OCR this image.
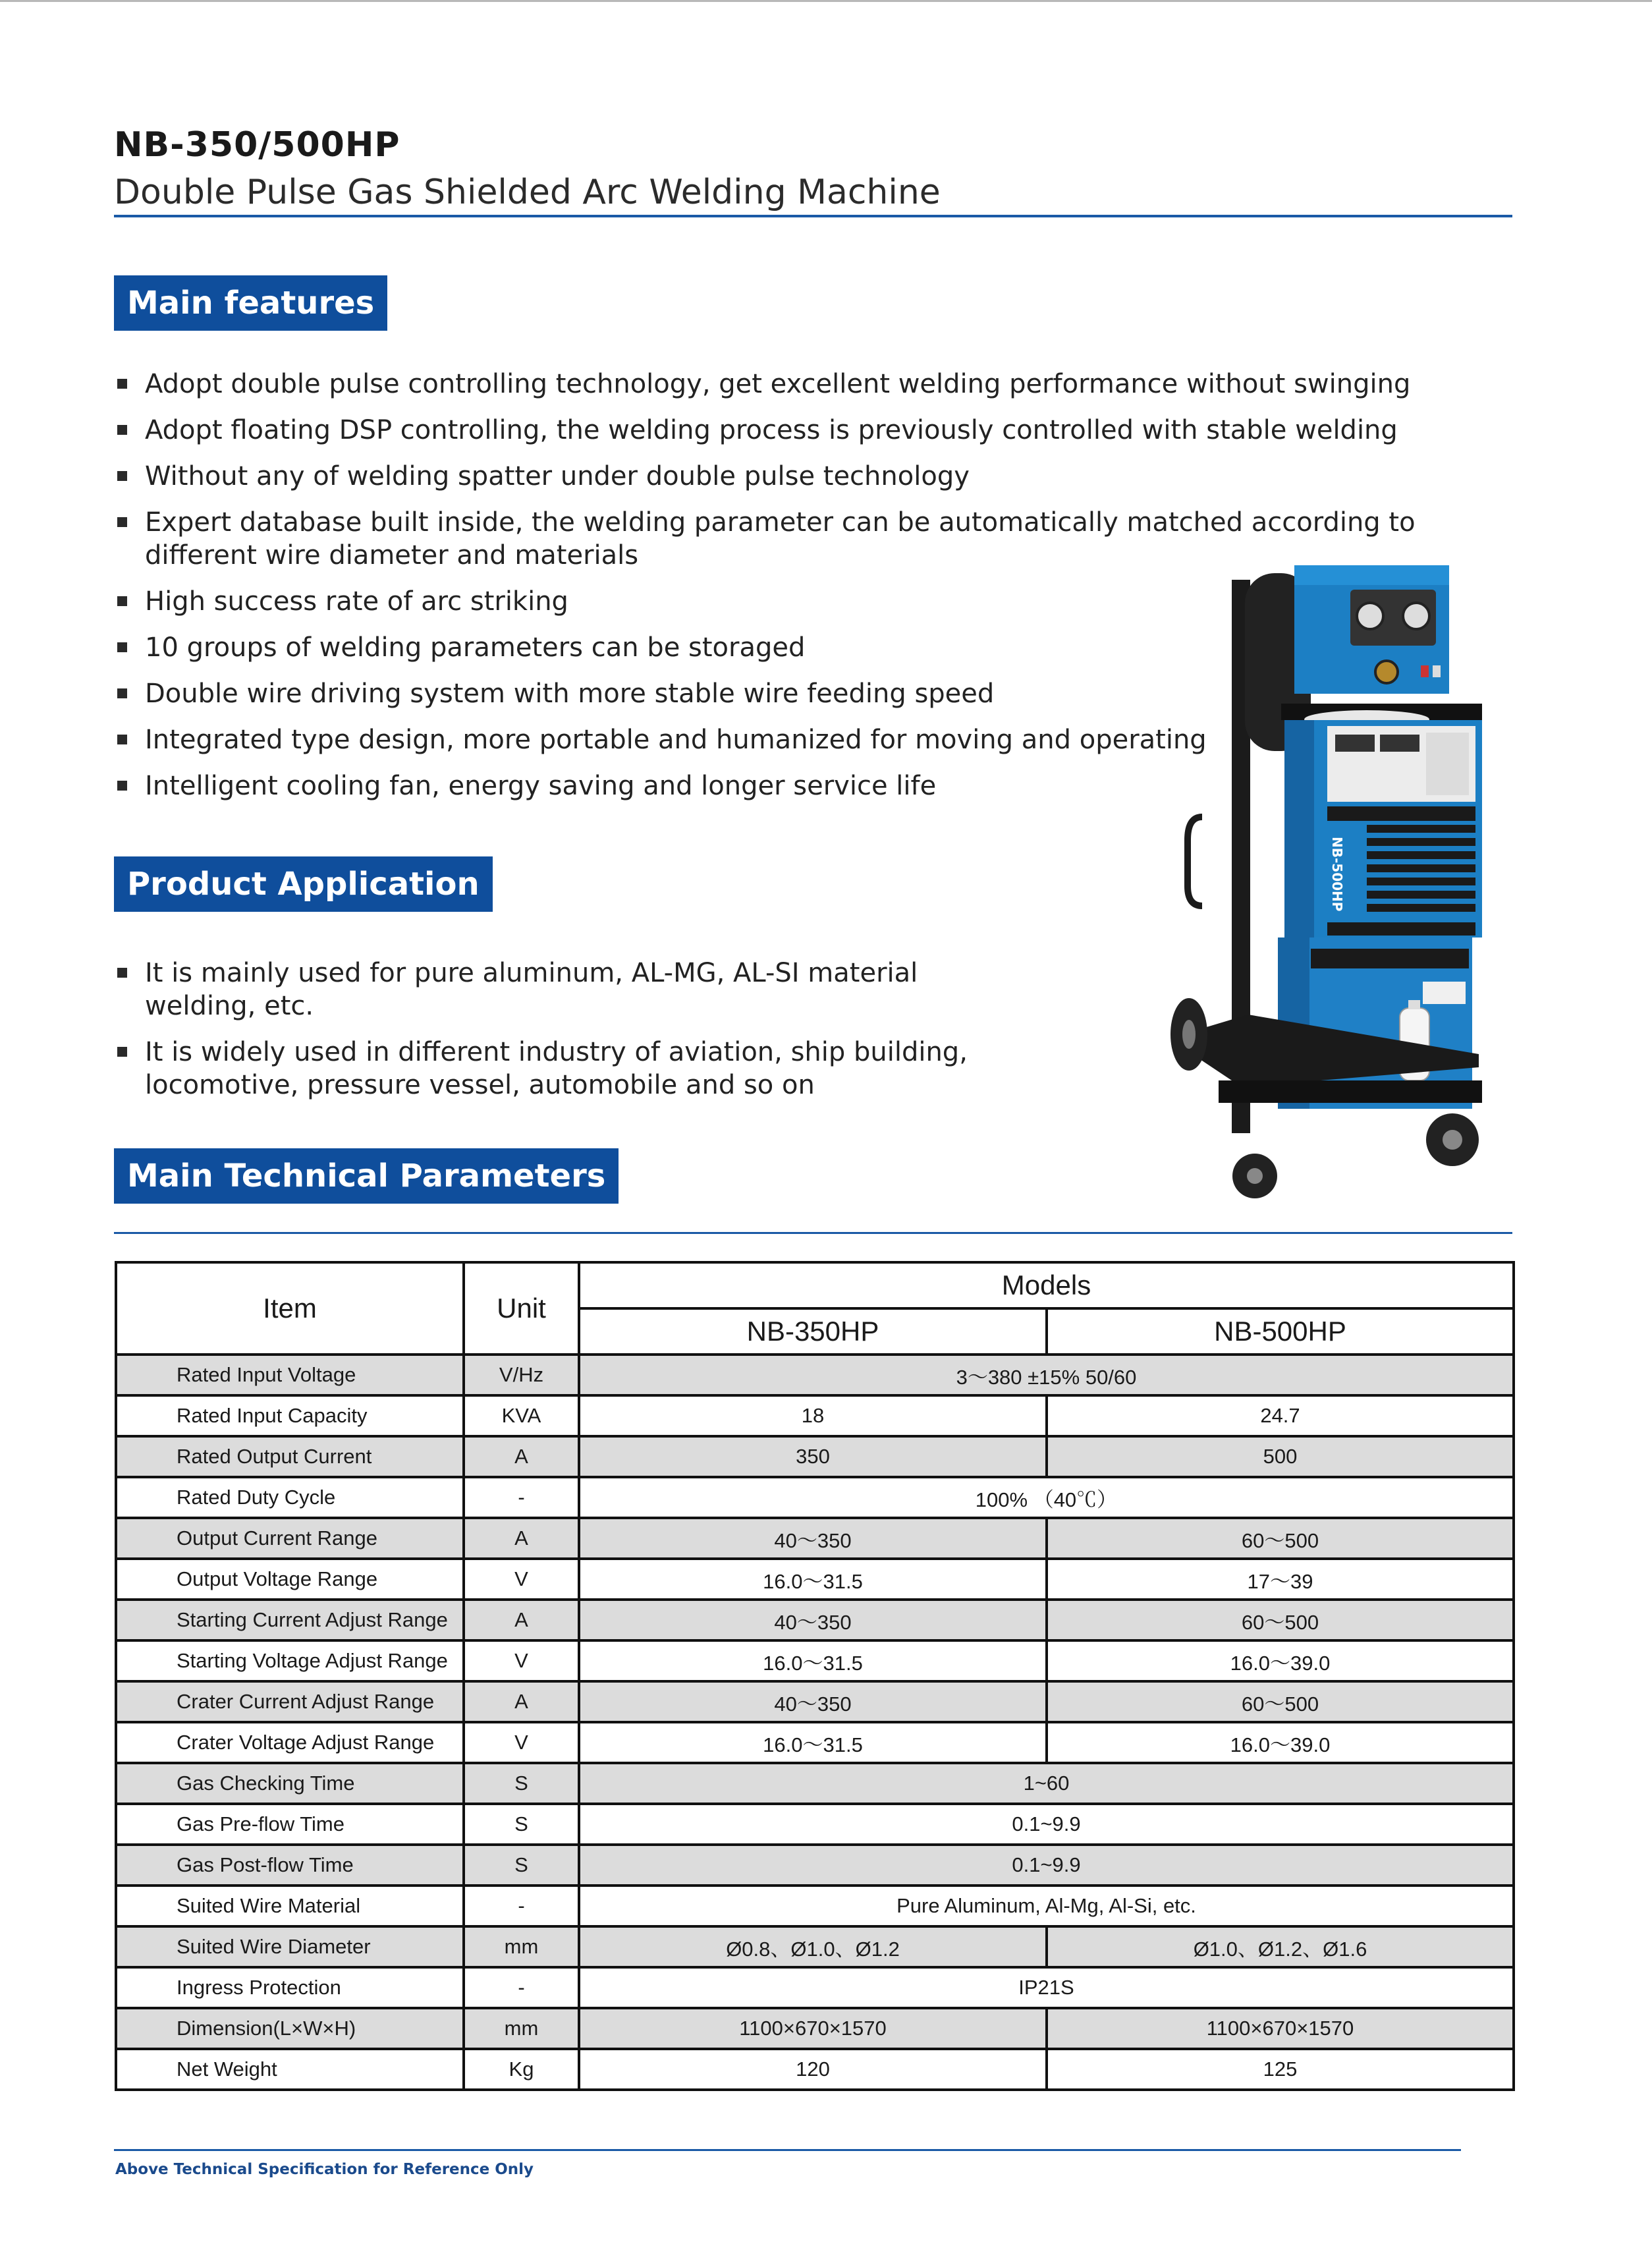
NB-350/500HP
Double Pulse Gas Shielded Arc Welding Machine
Main features
Adopt double pulse controlling technology, get excellent welding performance without swinging
Adopt floating DSP controlling, the welding process is previously controlled with stable welding
Without any of welding spatter under double pulse technology
Expert database built inside, the welding parameter can be automatically matched according to different wire diameter and materials
High success rate of arc striking
10 groups of welding parameters can be storaged
Double wire driving system with more stable wire feeding speed
Integrated type design, more portable and humanized for moving and operating
Intelligent cooling fan, energy saving and longer service life
Product Application
It is mainly used for pure aluminum, AL-MG, AL-SI material welding, etc.
It is widely used in different industry of aviation, ship building, locomotive, pressure vessel, automobile and so on
NB-500HP
Main Technical Parameters
Item	Unit	Models	
		NB-350HP	NB-500HP
Rated Input Voltage	V/Hz	3～380 ±15% 50/60	
Rated Input Capacity	KVA	18	24.7
Rated Output Current	A	350	500
Rated Duty Cycle	-	100% （40℃）	
Output Current Range	A	40～350	60～500
Output Voltage Range	V	16.0～31.5	17～39
Starting Current Adjust Range	A	40～350	60～500
Starting Voltage Adjust Range	V	16.0～31.5	16.0～39.0
Crater Current Adjust Range	A	40～350	60～500
Crater Voltage Adjust Range	V	16.0～31.5	16.0～39.0
Gas Checking Time	S	1~60	
Gas Pre-flow Time	S	0.1~9.9	
Gas Post-flow Time	S	0.1~9.9	
Suited Wire Material	-	Pure Aluminum, Al-Mg, Al-Si, etc.	
Suited Wire Diameter	mm	Ø0.8、Ø1.0、Ø1.2	Ø1.0、Ø1.2、Ø1.6
Ingress Protection	-	IP21S	
Dimension(L×W×H)	mm	1100×670×1570	1100×670×1570
Net Weight	Kg	120	125
Above Technical Specification for Reference Only
